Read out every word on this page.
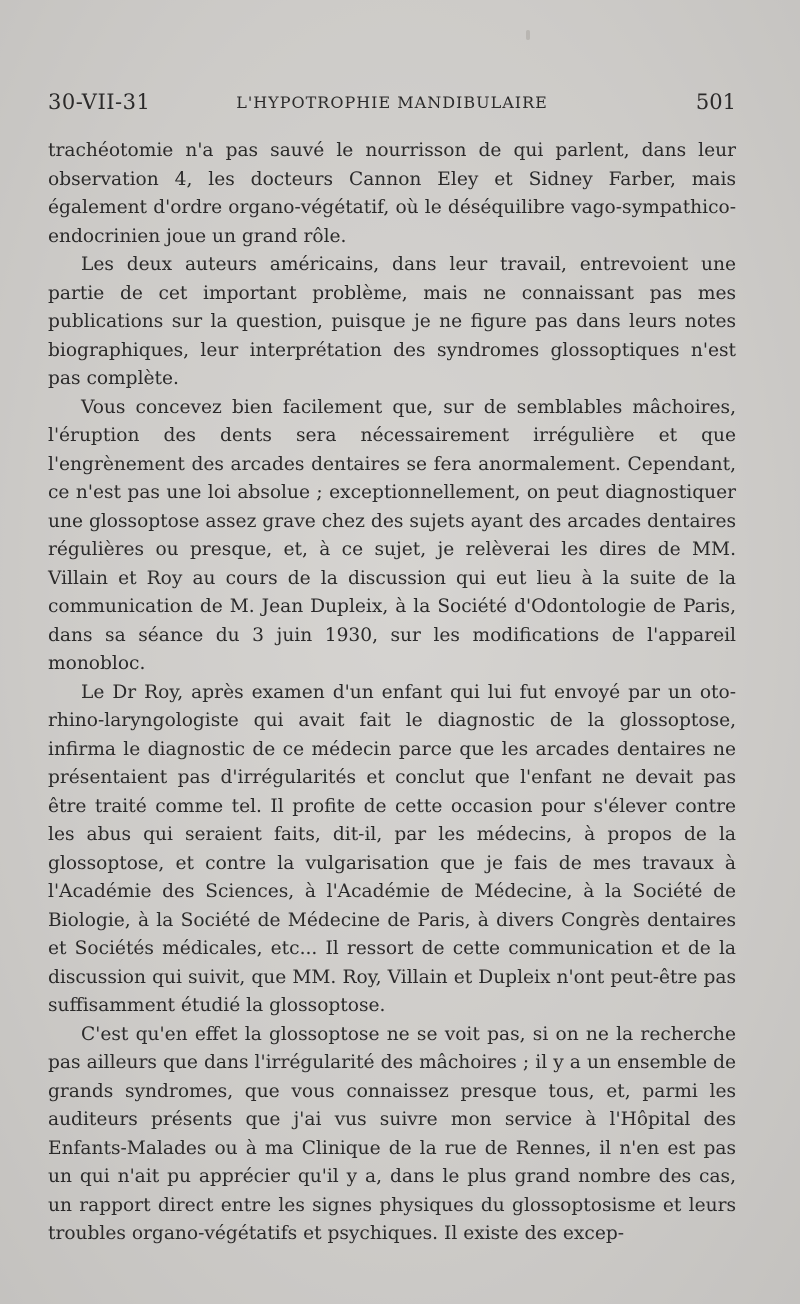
30-VII-31	L'HYPOTROPHIE MANDIBULAIRE	501

trachéotomie n'a pas sauvé le nourrisson de qui parlent, dans leur observation 4, les docteurs Cannon Eley et Sidney Farber, mais également d'ordre organo-végétatif, où le déséquilibre vago-sympathico-endocrinien joue un grand rôle.

Les deux auteurs américains, dans leur travail, entrevoient une partie de cet important problème, mais ne connaissant pas mes publications sur la question, puisque je ne figure pas dans leurs notes biographiques, leur interprétation des syndromes glossoptiques n'est pas complète.

Vous concevez bien facilement que, sur de semblables mâchoires, l'éruption des dents sera nécessairement irrégulière et que l'engrènement des arcades dentaires se fera anormalement. Cependant, ce n'est pas une loi absolue ; exceptionnellement, on peut diagnostiquer une glossoptose assez grave chez des sujets ayant des arcades dentaires régulières ou presque, et, à ce sujet, je relèverai les dires de MM. Villain et Roy au cours de la discussion qui eut lieu à la suite de la communication de M. Jean Dupleix, à la Société d'Odontologie de Paris, dans sa séance du 3 juin 1930, sur les modifications de l'appareil monobloc.

Le Dr Roy, après examen d'un enfant qui lui fut envoyé par un oto-rhino-laryngologiste qui avait fait le diagnostic de la glossoptose, infirma le diagnostic de ce médecin parce que les arcades dentaires ne présentaient pas d'irrégularités et conclut que l'enfant ne devait pas être traité comme tel. Il profite de cette occasion pour s'élever contre les abus qui seraient faits, dit-il, par les médecins, à propos de la glossoptose, et contre la vulgarisation que je fais de mes travaux à l'Académie des Sciences, à l'Académie de Médecine, à la Société de Biologie, à la Société de Médecine de Paris, à divers Congrès dentaires et Sociétés médicales, etc... Il ressort de cette communication et de la discussion qui suivit, que MM. Roy, Villain et Dupleix n'ont peut-être pas suffisamment étudié la glossoptose.

C'est qu'en effet la glossoptose ne se voit pas, si on ne la recherche pas ailleurs que dans l'irrégularité des mâchoires ; il y a un ensemble de grands syndromes, que vous connaissez presque tous, et, parmi les auditeurs présents que j'ai vus suivre mon service à l'Hôpital des Enfants-Malades ou à ma Clinique de la rue de Rennes, il n'en est pas un qui n'ait pu apprécier qu'il y a, dans le plus grand nombre des cas, un rapport direct entre les signes physiques du glossoptosisme et leurs troubles organo-végétatifs et psychiques. Il existe des excep-
